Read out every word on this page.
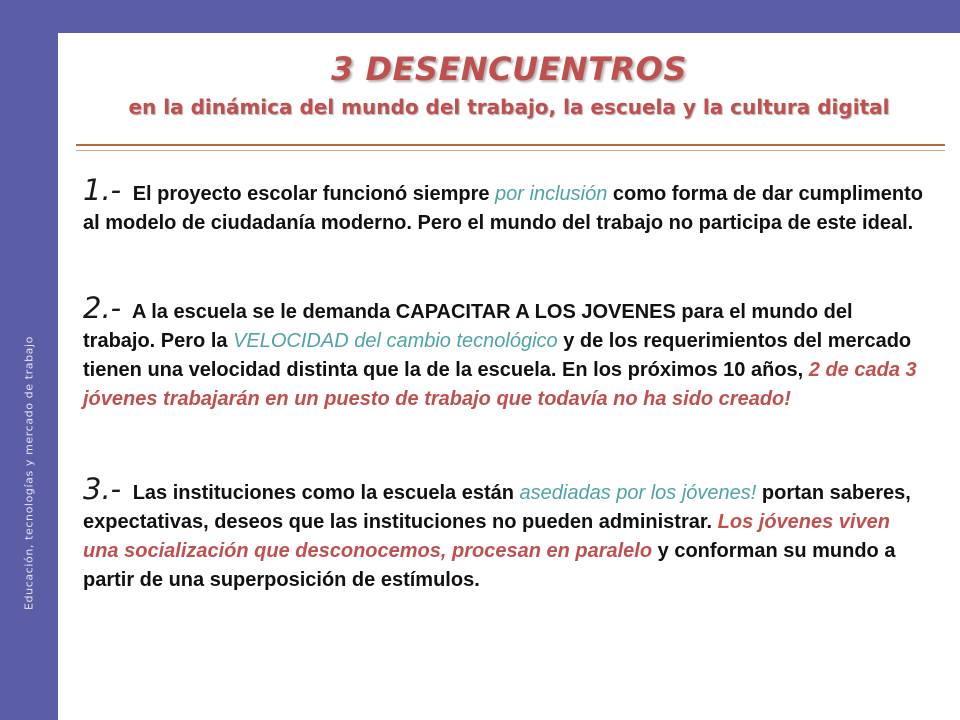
Educación, tecnologías y mercado de trabajo
3 DESENCUENTROS
en la dinámica del mundo del trabajo, la escuela y la cultura digital
1.- El proyecto escolar funcionó siempre por inclusión como forma de dar cumplimento al modelo de ciudadanía moderno. Pero el mundo del trabajo no participa de este ideal.
2.- A la escuela se le demanda CAPACITAR A LOS JOVENES para el mundo del trabajo. Pero la VELOCIDAD del cambio tecnológico y de los requerimientos del mercado tienen una velocidad distinta que la de la escuela. En los próximos 10 años, 2 de cada 3 jóvenes trabajarán en un puesto de trabajo que todavía no ha sido creado!
3.- Las instituciones como la escuela están asediadas por los jóvenes! portan saberes, expectativas, deseos que las instituciones no pueden administrar. Los jóvenes viven una socialización que desconocemos, procesan en paralelo y conforman su mundo a partir de una superposición de estímulos.
